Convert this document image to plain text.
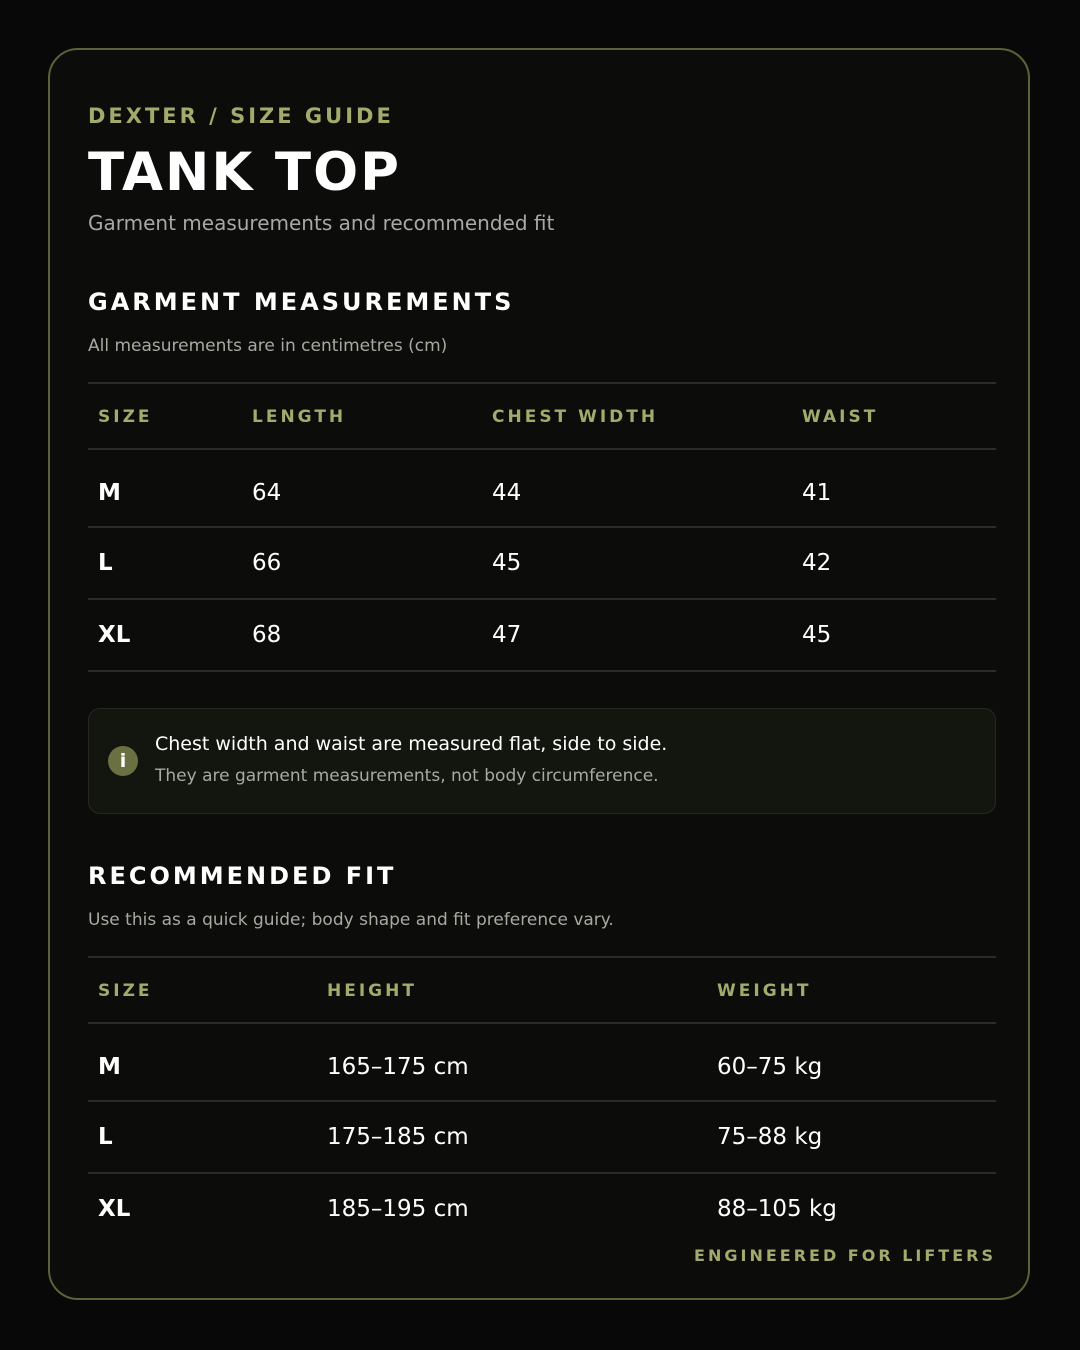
DEXTER / SIZE GUIDE
TANK TOP
Garment measurements and recommended fit
GARMENT MEASUREMENTS
All measurements are in centimetres (cm)
SIZE	LENGTH	CHEST WIDTH	WAIST
M	64	44	41
L	66	45	42
XL	68	47	45
i
Chest width and waist are measured flat, side to side.
They are garment measurements, not body circumference.
RECOMMENDED FIT
Use this as a quick guide; body shape and fit preference vary.
SIZE	HEIGHT	WEIGHT
M	165–175 cm	60–75 kg
L	175–185 cm	75–88 kg
XL	185–195 cm	88–105 kg
ENGINEERED FOR LIFTERS
